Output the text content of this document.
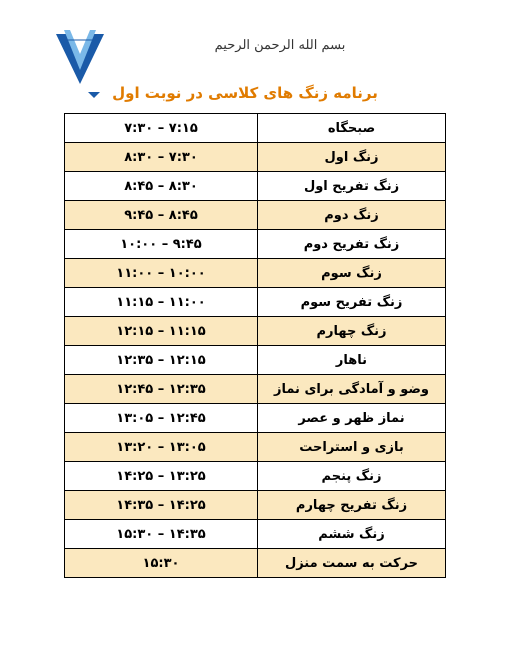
بسم الله الرحمن الرحیم
برنامه زنگ های کلاسی در نوبت اول
۷:۱۵ – ۷:۳۰	صبحگاه
۷:۳۰ – ۸:۳۰	زنگ اول
۸:۳۰ – ۸:۴۵	زنگ تفریح اول
۸:۴۵ – ۹:۴۵	زنگ دوم
۹:۴۵ – ۱۰:۰۰	زنگ تفریح دوم
۱۰:۰۰ – ۱۱:۰۰	زنگ سوم
۱۱:۰۰ – ۱۱:۱۵	زنگ تفریح سوم
۱۱:۱۵ – ۱۲:۱۵	زنگ چهارم
۱۲:۱۵ – ۱۲:۳۵	ناهار
۱۲:۳۵ – ۱۲:۴۵	وضو و آمادگی برای نماز
۱۲:۴۵ – ۱۳:۰۵	نماز ظهر و عصر
۱۳:۰۵ – ۱۳:۲۰	بازی و استراحت
۱۳:۲۵ – ۱۴:۲۵	زنگ پنجم
۱۴:۲۵ – ۱۴:۳۵	زنگ تفریح چهارم
۱۴:۳۵ – ۱۵:۳۰	زنگ ششم
۱۵:۳۰	حرکت به سمت منزل
